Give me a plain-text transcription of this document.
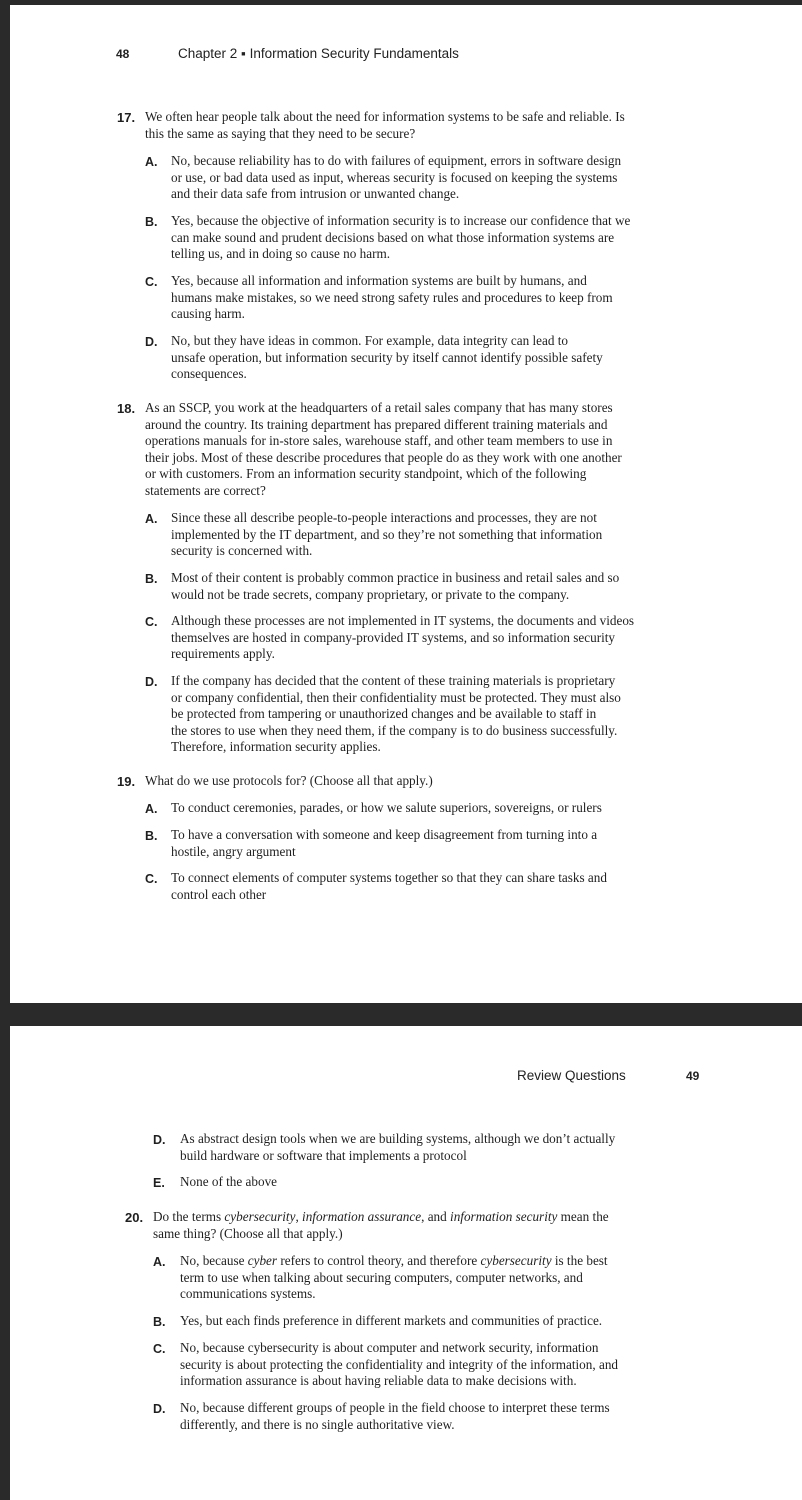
48	Chapter 2 ▪ Information Security Fundamentals
17. We often hear people talk about the need for information systems to be safe and reliable. Is
this the same as saying that they need to be secure?
A. No, because reliability has to do with failures of equipment, errors in software design
or use, or bad data used as input, whereas security is focused on keeping the systems
and their data safe from intrusion or unwanted change.
B. Yes, because the objective of information security is to increase our confidence that we
can make sound and prudent decisions based on what those information systems are
telling us, and in doing so cause no harm.
C. Yes, because all information and information systems are built by humans, and
humans make mistakes, so we need strong safety rules and procedures to keep from
causing harm.
D. No, but they have ideas in common. For example, data integrity can lead to
unsafe operation, but information security by itself cannot identify possible safety
consequences.
18. As an SSCP, you work at the headquarters of a retail sales company that has many stores
around the country. Its training department has prepared different training materials and
operations manuals for in-store sales, warehouse staff, and other team members to use in
their jobs. Most of these describe procedures that people do as they work with one another
or with customers. From an information security standpoint, which of the following
statements are correct?
A. Since these all describe people-to-people interactions and processes, they are not
implemented by the IT department, and so they’re not something that information
security is concerned with.
B. Most of their content is probably common practice in business and retail sales and so
would not be trade secrets, company proprietary, or private to the company.
C. Although these processes are not implemented in IT systems, the documents and videos
themselves are hosted in company-provided IT systems, and so information security
requirements apply.
D. If the company has decided that the content of these training materials is proprietary
or company confidential, then their confidentiality must be protected. They must also
be protected from tampering or unauthorized changes and be available to staff in
the stores to use when they need them, if the company is to do business successfully.
Therefore, information security applies.
19. What do we use protocols for? (Choose all that apply.)
A. To conduct ceremonies, parades, or how we salute superiors, sovereigns, or rulers
B. To have a conversation with someone and keep disagreement from turning into a
hostile, angry argument
C. To connect elements of computer systems together so that they can share tasks and
control each other
Review Questions	49
D. As abstract design tools when we are building systems, although we don’t actually
build hardware or software that implements a protocol
E. None of the above
20. Do the terms cybersecurity, information assurance, and information security mean the
same thing? (Choose all that apply.)
A. No, because cyber refers to control theory, and therefore cybersecurity is the best
term to use when talking about securing computers, computer networks, and
communications systems.
B. Yes, but each finds preference in different markets and communities of practice.
C. No, because cybersecurity is about computer and network security, information
security is about protecting the confidentiality and integrity of the information, and
information assurance is about having reliable data to make decisions with.
D. No, because different groups of people in the field choose to interpret these terms
differently, and there is no single authoritative view.
